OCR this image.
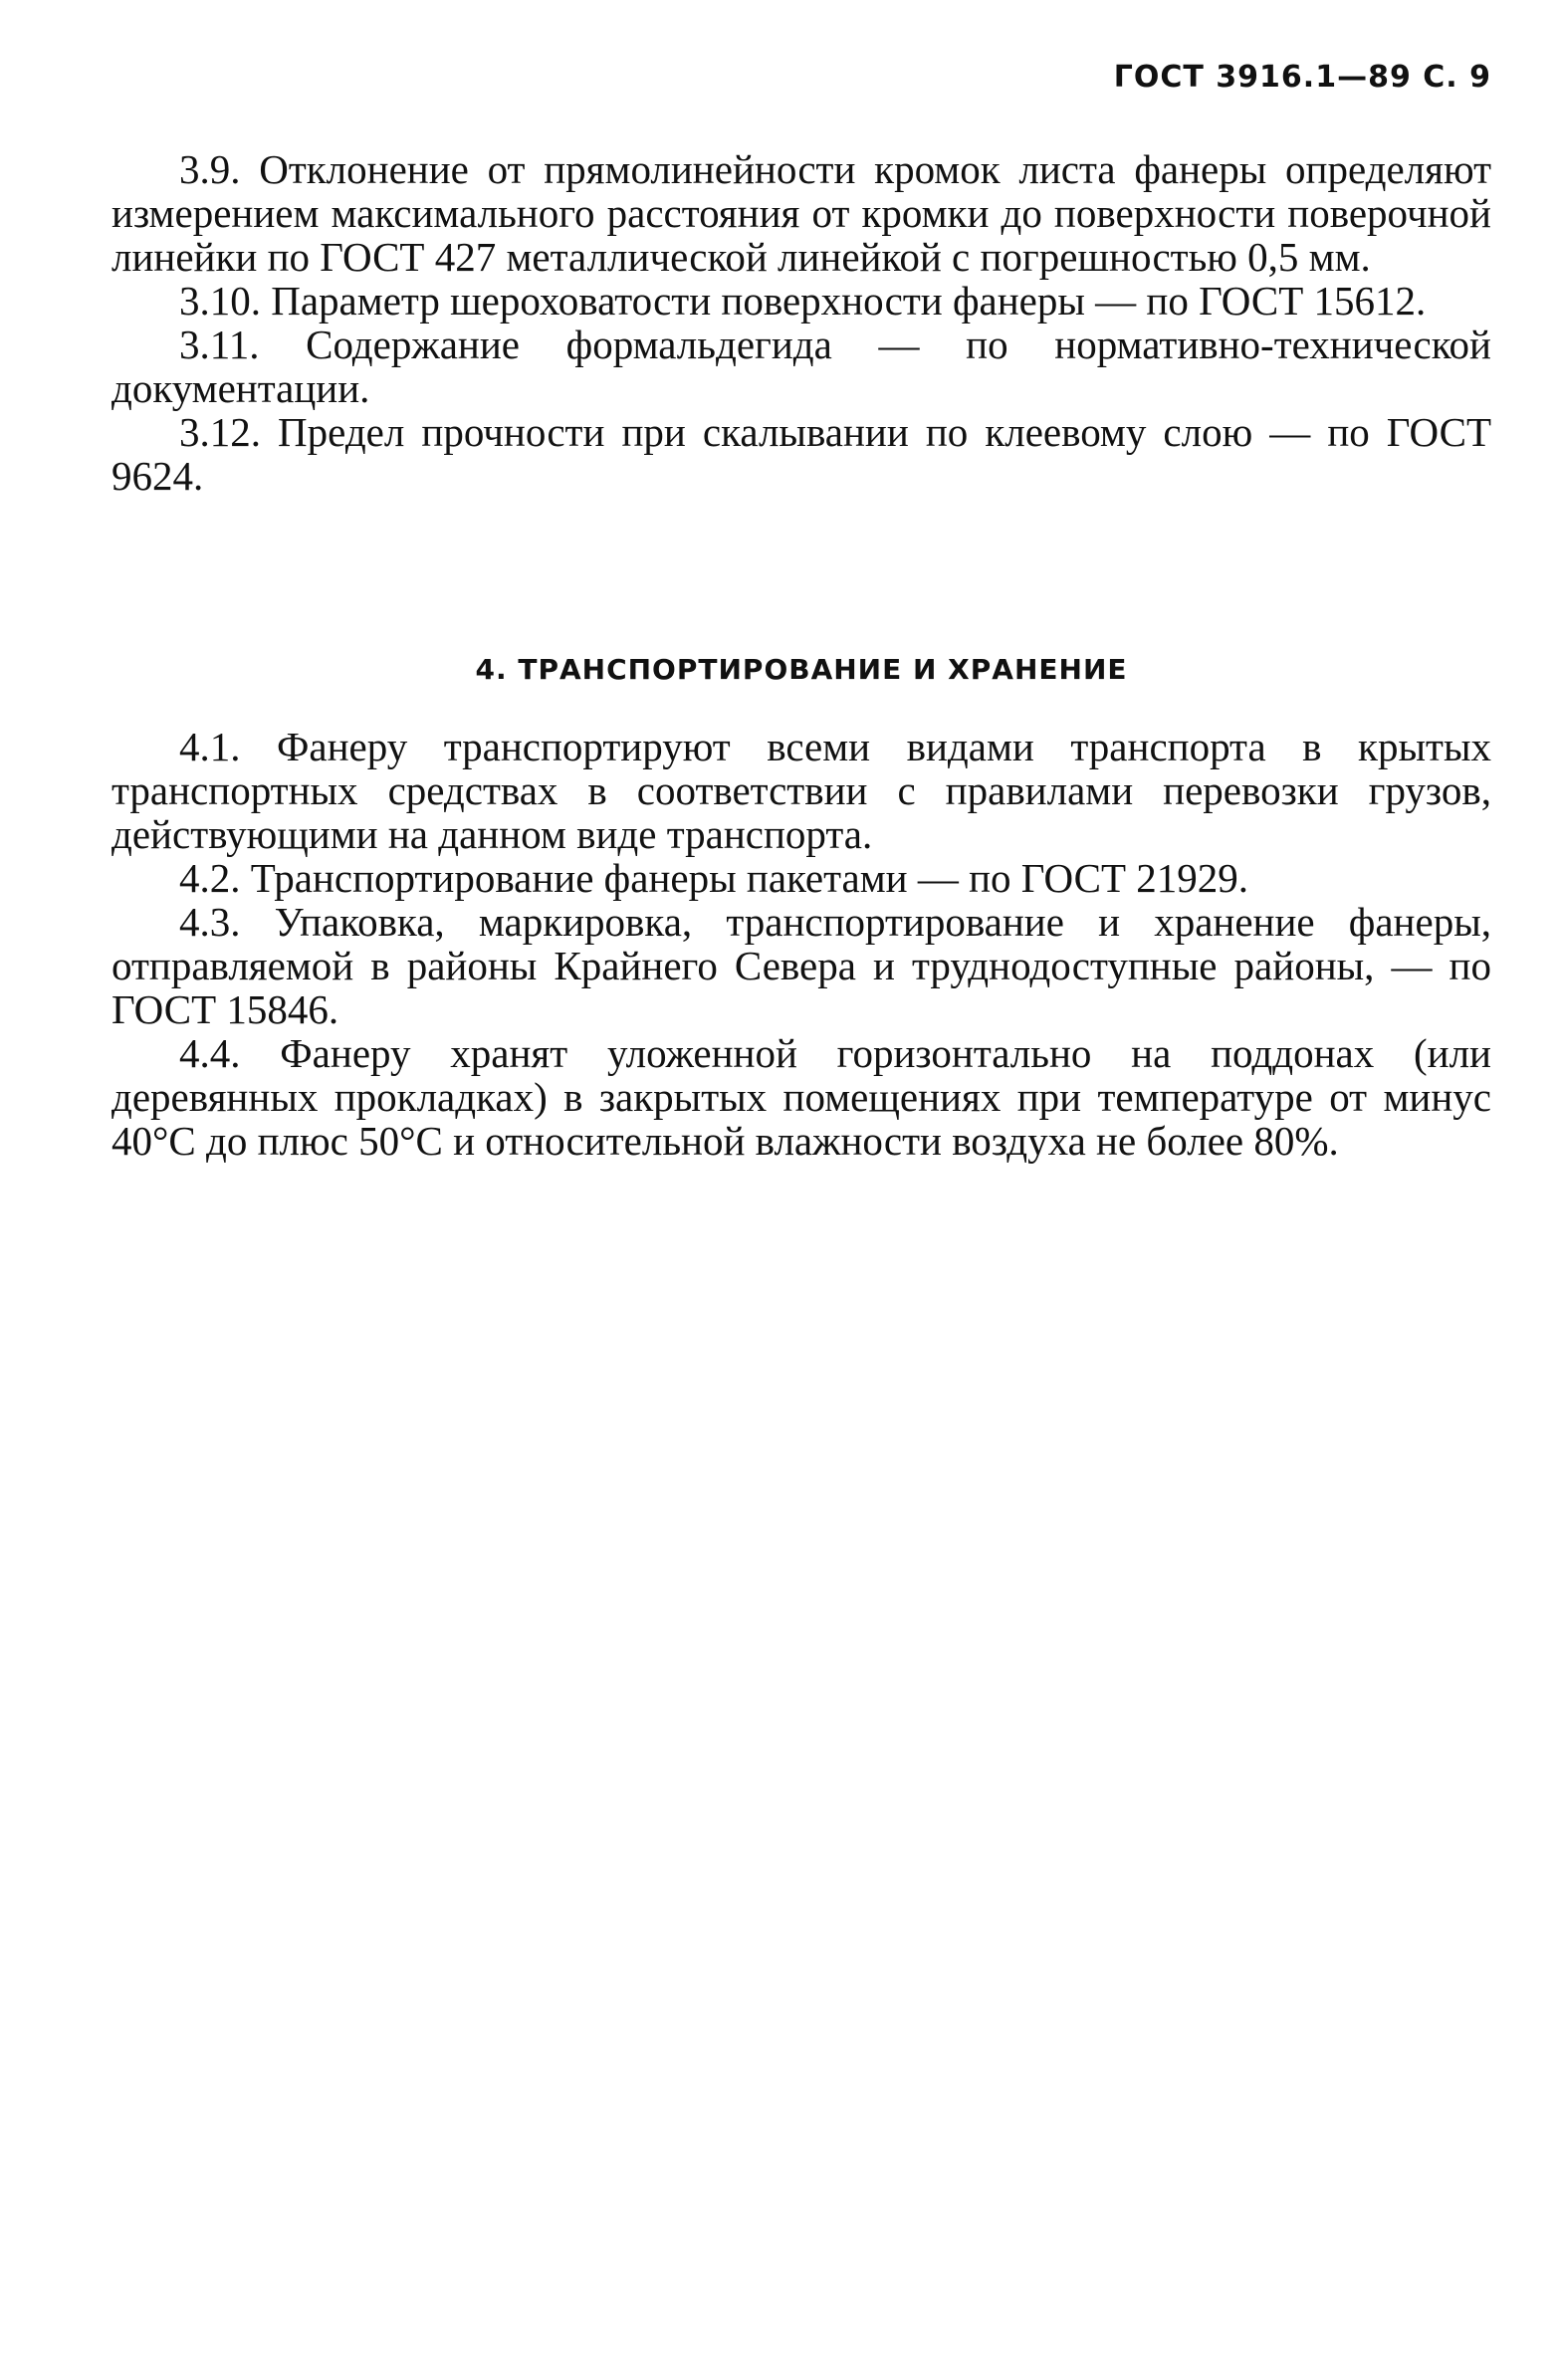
ГОСТ 3916.1—89 С. 9

3.9. Отклонение от прямолинейности кромок листа фанеры определяют измерением максимального расстояния от кромки до поверхности поверочной линейки по ГОСТ 427 металлической линейкой с погрешностью 0,5 мм.

3.10. Параметр шероховатости поверхности фанеры — по ГОСТ 15612.

3.11. Содержание формальдегида — по нормативно-технической документации.

3.12. Предел прочности при скалывании по клеевому слою — по ГОСТ 9624.

4. ТРАНСПОРТИРОВАНИЕ И ХРАНЕНИЕ

4.1. Фанеру транспортируют всеми видами транспорта в крытых транспортных средствах в соответствии с правилами перевозки грузов, действующими на данном виде транспорта.

4.2. Транспортирование фанеры пакетами — по ГОСТ 21929.

4.3. Упаковка, маркировка, транспортирование и хранение фанеры, отправляемой в районы Крайнего Севера и труднодоступные районы, — по ГОСТ 15846.

4.4. Фанеру хранят уложенной горизонтально на поддонах (или деревянных прокладках) в закрытых помещениях при температуре от минус 40°С до плюс 50°С и относительной влажности воздуха не более 80%.
